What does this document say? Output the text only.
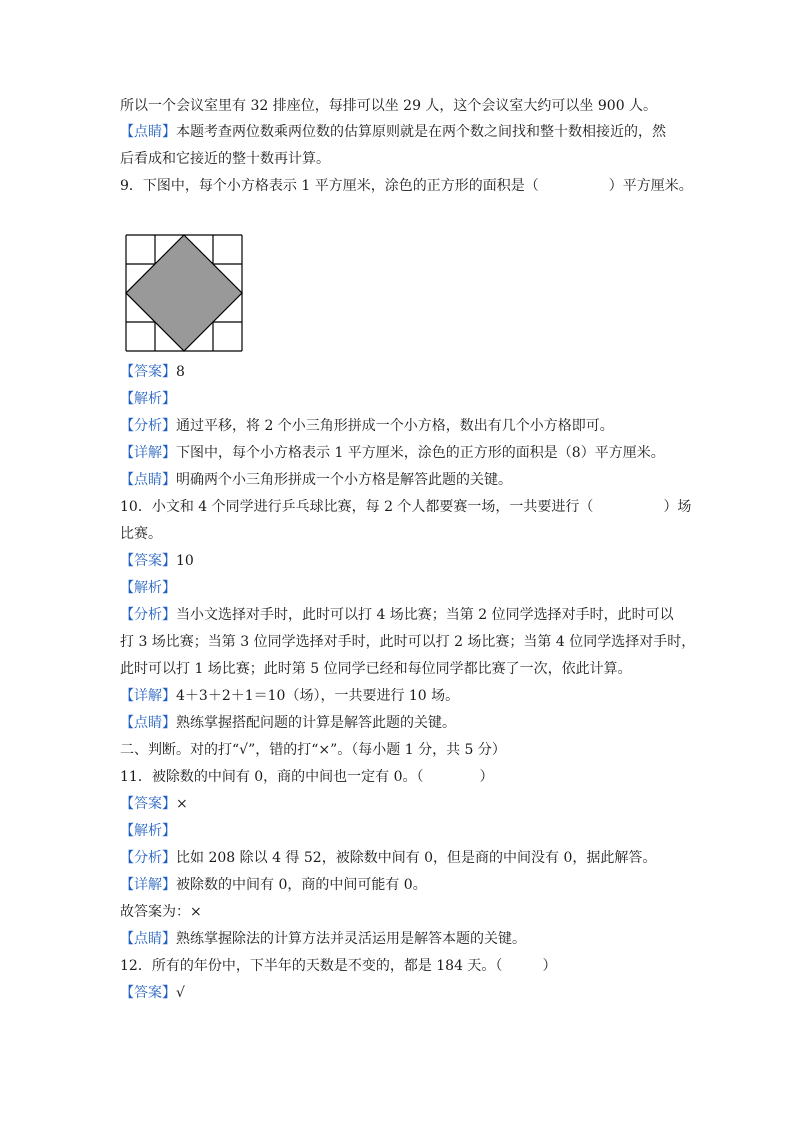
所以一个会议室里有 32 排座位，每排可以坐 29 人，这个会议室大约可以坐 900 人。
【点睛】本题考查两位数乘两位数的估算原则就是在两个数之间找和整十数相接近的，然
后看成和它接近的整十数再计算。
9．下图中，每个小方格表示 1 平方厘米，涂色的正方形的面积是（	）平方厘米。
【答案】8
【解析】
【分析】通过平移，将 2 个小三角形拼成一个小方格，数出有几个小方格即可。
【详解】下图中，每个小方格表示 1 平方厘米，涂色的正方形的面积是（8）平方厘米。
【点睛】明确两个小三角形拼成一个小方格是解答此题的关键。
10．小文和 4 个同学进行乒乓球比赛，每 2 个人都要赛一场，一共要进行（	）场
比赛。
【答案】10
【解析】
【分析】当小文选择对手时，此时可以打 4 场比赛；当第 2 位同学选择对手时，此时可以
打 3 场比赛；当第 3 位同学选择对手时，此时可以打 2 场比赛；当第 4 位同学选择对手时，
此时可以打 1 场比赛；此时第 5 位同学已经和每位同学都比赛了一次，依此计算。
【详解】4＋3＋2＋1＝10（场），一共要进行 10 场。
【点睛】熟练掌握搭配问题的计算是解答此题的关键。
二、判断。对的打“√”，错的打“×”。（每小题 1 分，共 5 分）
11．被除数的中间有 0，商的中间也一定有 0。（	）
【答案】×
【解析】
【分析】比如 208 除以 4 得 52，被除数中间有 0，但是商的中间没有 0，据此解答。
【详解】被除数的中间有 0，商的中间可能有 0。
故答案为：×
【点睛】熟练掌握除法的计算方法并灵活运用是解答本题的关键。
12．所有的年份中，下半年的天数是不变的，都是 184 天。（	）
【答案】√
